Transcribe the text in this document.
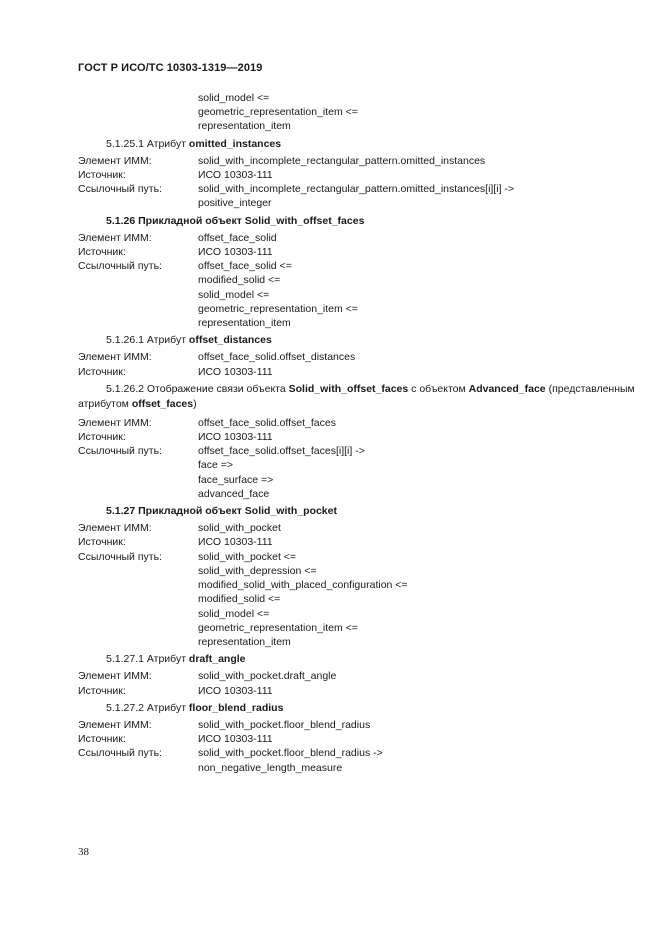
ГОСТ Р ИСО/ТС 10303-1319—2019
solid_model <=
geometric_representation_item <=
representation_item
5.1.25.1 Атрибут omitted_instances
Элемент ИММ:	solid_with_incomplete_rectangular_pattern.omitted_instances
Источник:	ИСО 10303-111
Ссылочный путь:	solid_with_incomplete_rectangular_pattern.omitted_instances[i][i] ->
positive_integer
5.1.26 Прикладной объект Solid_with_offset_faces
Элемент ИММ:	offset_face_solid
Источник:	ИСО 10303-111
Ссылочный путь:	offset_face_solid <=
modified_solid <=
solid_model <=
geometric_representation_item <=
representation_item
5.1.26.1 Атрибут offset_distances
Элемент ИММ:	offset_face_solid.offset_distances
Источник:	ИСО 10303-111
5.1.26.2 Отображение связи объекта Solid_with_offset_faces с объектом Advanced_face (представленным атрибутом offset_faces)
Элемент ИММ:	offset_face_solid.offset_faces
Источник:	ИСО 10303-111
Ссылочный путь:	offset_face_solid.offset_faces[i][i] ->
face =>
face_surface =>
advanced_face
5.1.27 Прикладной объект Solid_with_pocket
Элемент ИММ:	solid_with_pocket
Источник:	ИСО 10303-111
Ссылочный путь:	solid_with_pocket <=
solid_with_depression <=
modified_solid_with_placed_configuration <=
modified_solid <=
solid_model <=
geometric_representation_item <=
representation_item
5.1.27.1 Атрибут draft_angle
Элемент ИММ:	solid_with_pocket.draft_angle
Источник:	ИСО 10303-111
5.1.27.2 Атрибут floor_blend_radius
Элемент ИММ:	solid_with_pocket.floor_blend_radius
Источник:	ИСО 10303-111
Ссылочный путь:	solid_with_pocket.floor_blend_radius ->
non_negative_length_measure
38
